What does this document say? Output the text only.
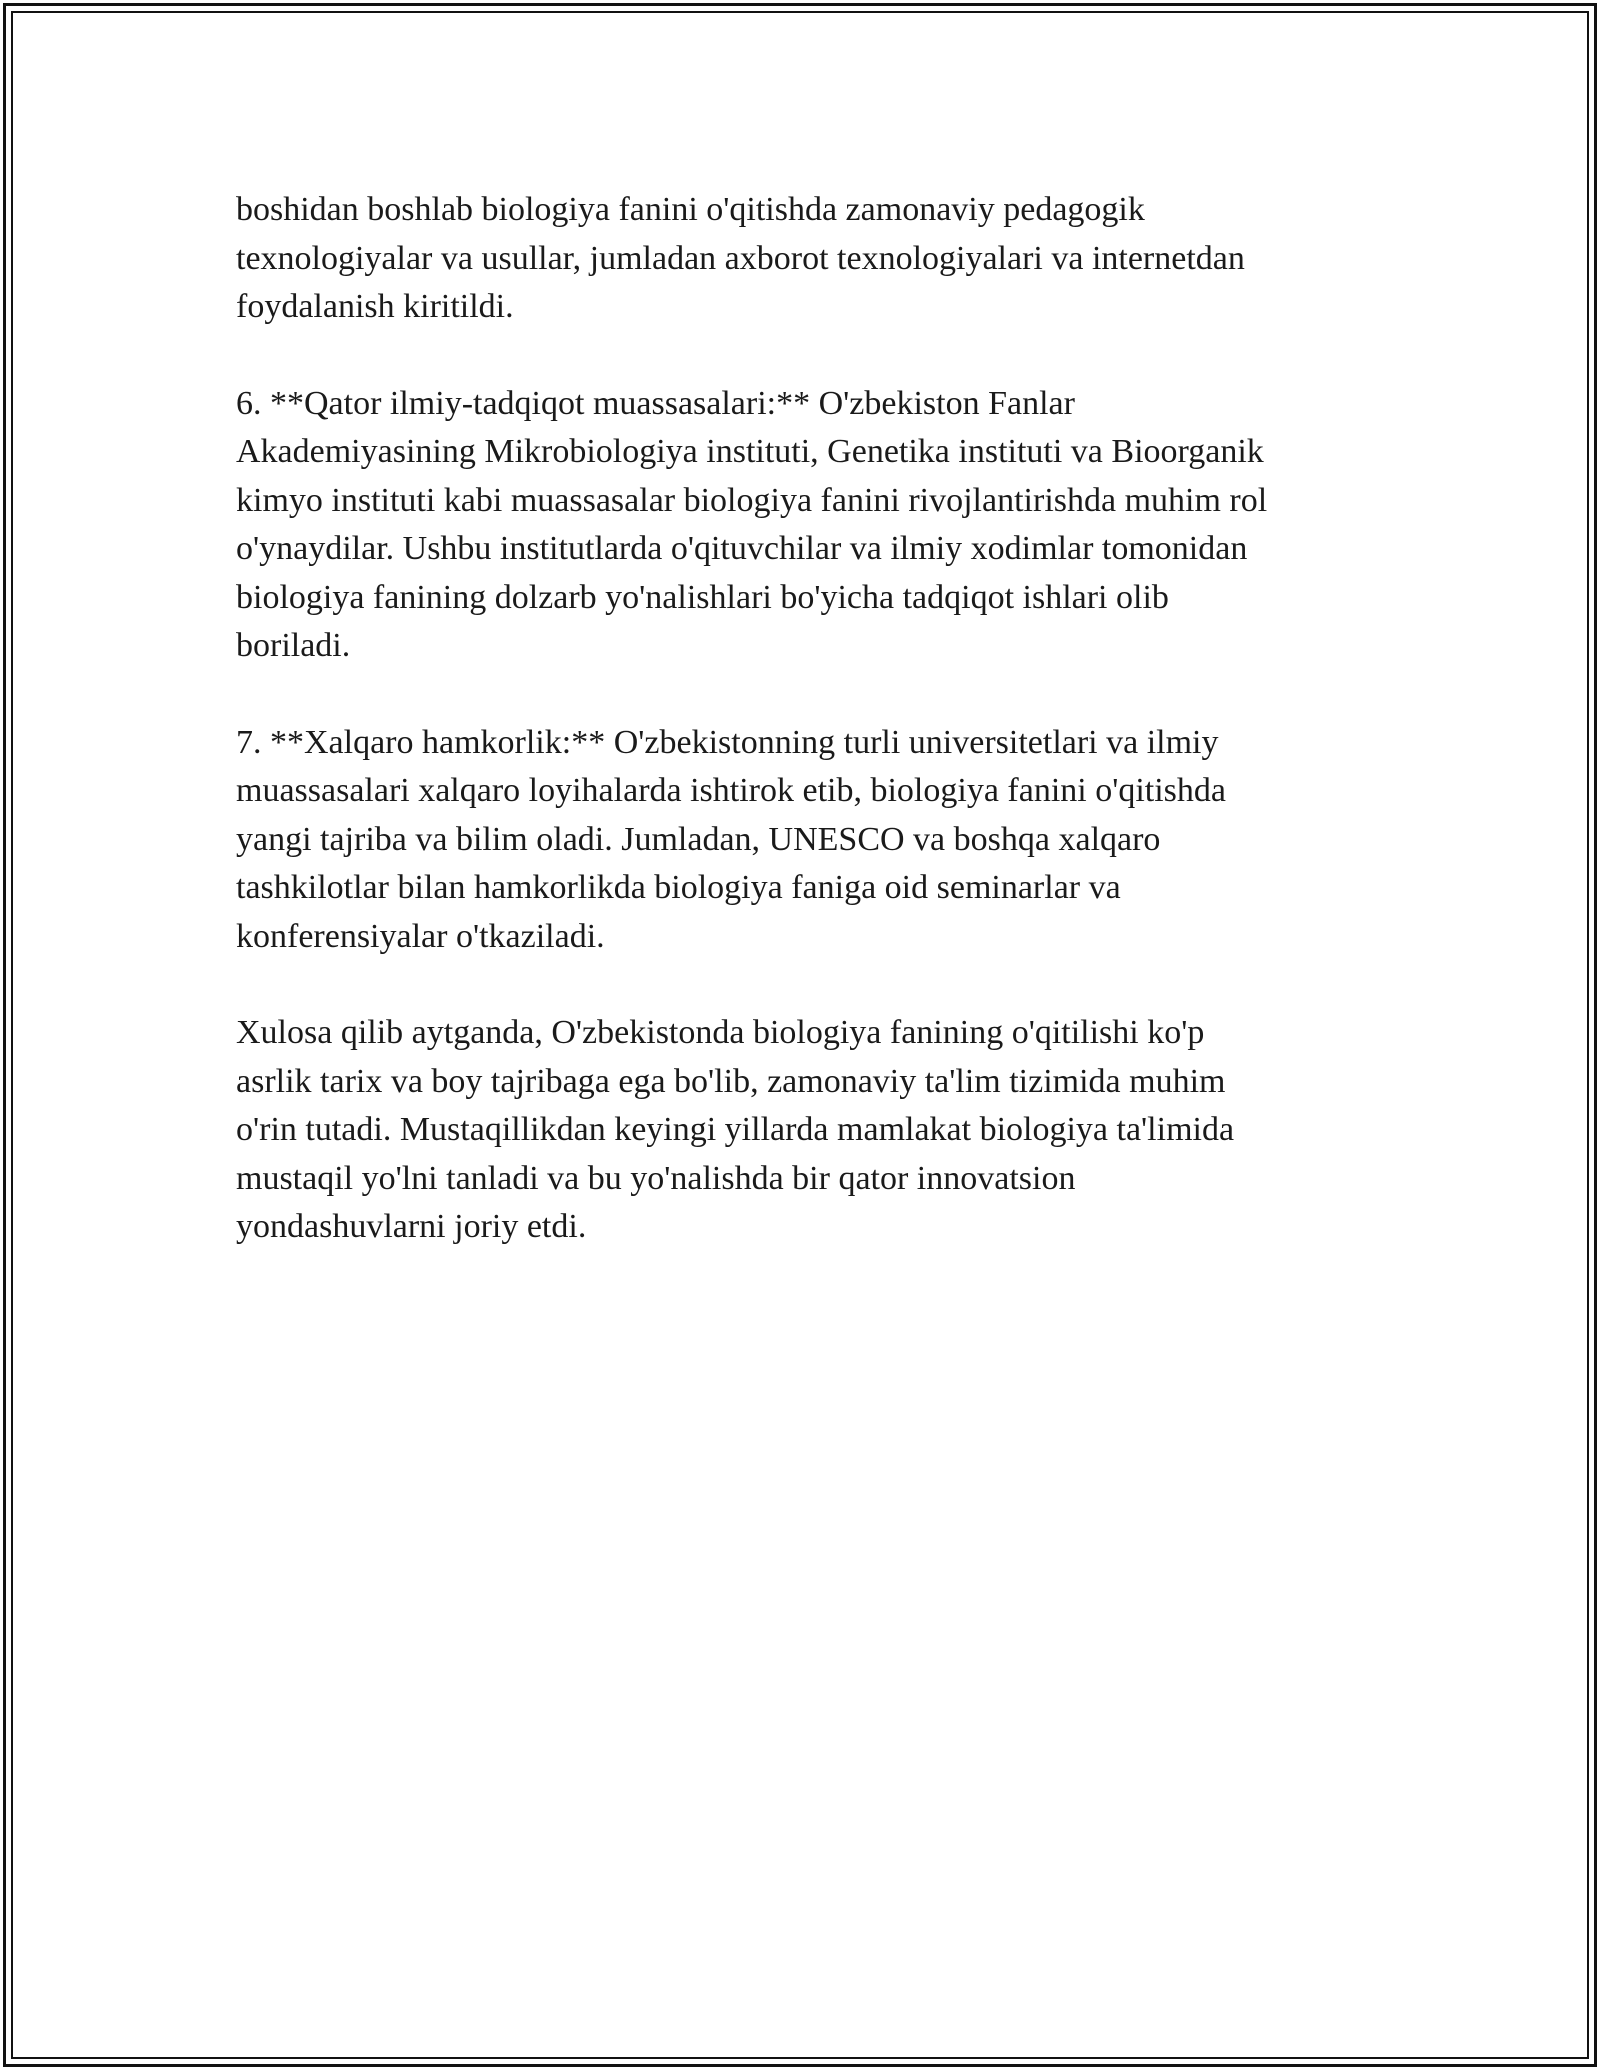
boshidan boshlab biologiya fanini o'qitishda zamonaviy pedagogik
texnologiyalar va usullar, jumladan axborot texnologiyalari va internetdan
foydalanish kiritildi.

6. **Qator ilmiy-tadqiqot muassasalari:** O'zbekiston Fanlar
Akademiyasining Mikrobiologiya instituti, Genetika instituti va Bioorganik
kimyo instituti kabi muassasalar biologiya fanini rivojlantirishda muhim rol
o'ynaydilar. Ushbu institutlarda o'qituvchilar va ilmiy xodimlar tomonidan
biologiya fanining dolzarb yo'nalishlari bo'yicha tadqiqot ishlari olib
boriladi.

7. **Xalqaro hamkorlik:** O'zbekistonning turli universitetlari va ilmiy
muassasalari xalqaro loyihalarda ishtirok etib, biologiya fanini o'qitishda
yangi tajriba va bilim oladi. Jumladan, UNESCO va boshqa xalqaro
tashkilotlar bilan hamkorlikda biologiya faniga oid seminarlar va
konferensiyalar o'tkaziladi.

Xulosa qilib aytganda, O'zbekistonda biologiya fanining o'qitilishi ko'p
asrlik tarix va boy tajribaga ega bo'lib, zamonaviy ta'lim tizimida muhim
o'rin tutadi. Mustaqillikdan keyingi yillarda mamlakat biologiya ta'limida
mustaqil yo'lni tanladi va bu yo'nalishda bir qator innovatsion
yondashuvlarni joriy etdi.
